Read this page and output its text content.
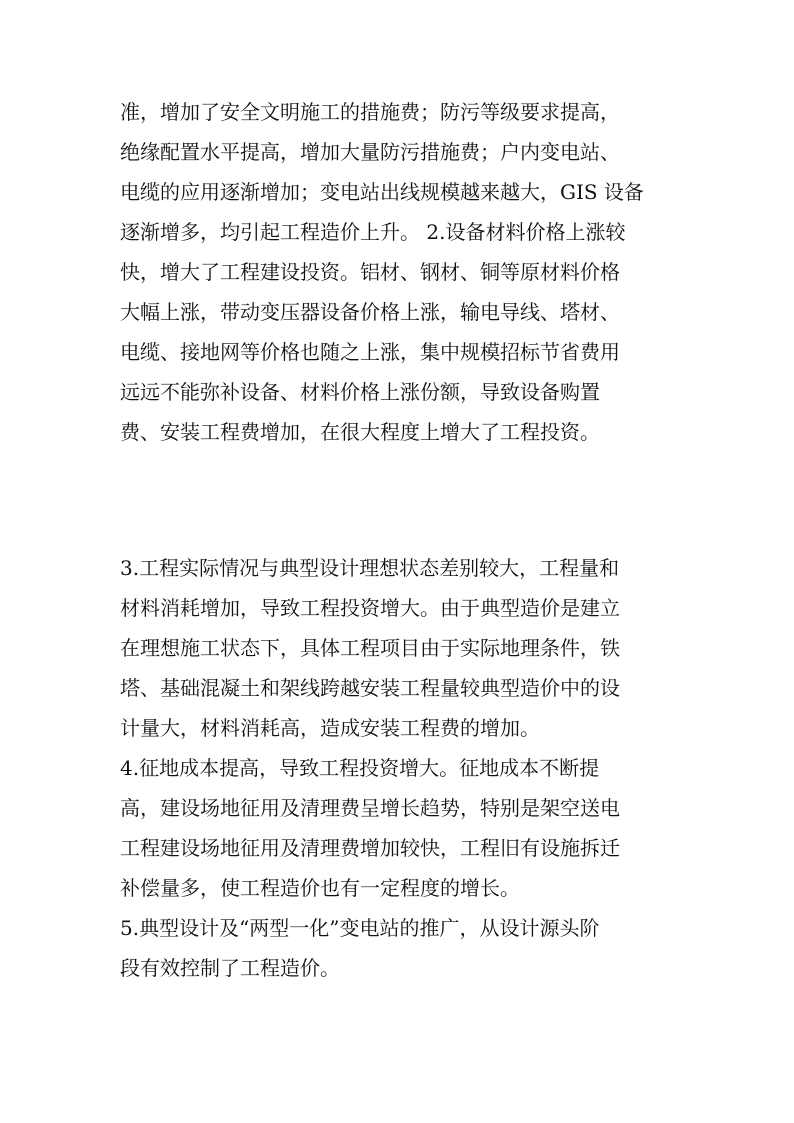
准，增加了安全文明施工的措施费；防污等级要求提高，
绝缘配置水平提高，增加大量防污措施费；户内变电站、
电缆的应用逐渐增加；变电站出线规模越来越大，GIS 设备
逐渐增多，均引起工程造价上升。 2.设备材料价格上涨较
快，增大了工程建设投资。铝材、钢材、铜等原材料价格
大幅上涨，带动变压器设备价格上涨，输电导线、塔材、
电缆、接地网等价格也随之上涨，集中规模招标节省费用
远远不能弥补设备、材料价格上涨份额，导致设备购置
费、安装工程费增加，在很大程度上增大了工程投资。

3.工程实际情况与典型设计理想状态差别较大，工程量和
材料消耗增加，导致工程投资增大。由于典型造价是建立
在理想施工状态下，具体工程项目由于实际地理条件，铁
塔、基础混凝土和架线跨越安装工程量较典型造价中的设
计量大，材料消耗高，造成安装工程费的增加。

4.征地成本提高，导致工程投资增大。征地成本不断提
高，建设场地征用及清理费呈增长趋势，特别是架空送电
工程建设场地征用及清理费增加较快，工程旧有设施拆迁
补偿量多，使工程造价也有一定程度的增长。

5.典型设计及“两型一化”变电站的推广，从设计源头阶
段有效控制了工程造价。
